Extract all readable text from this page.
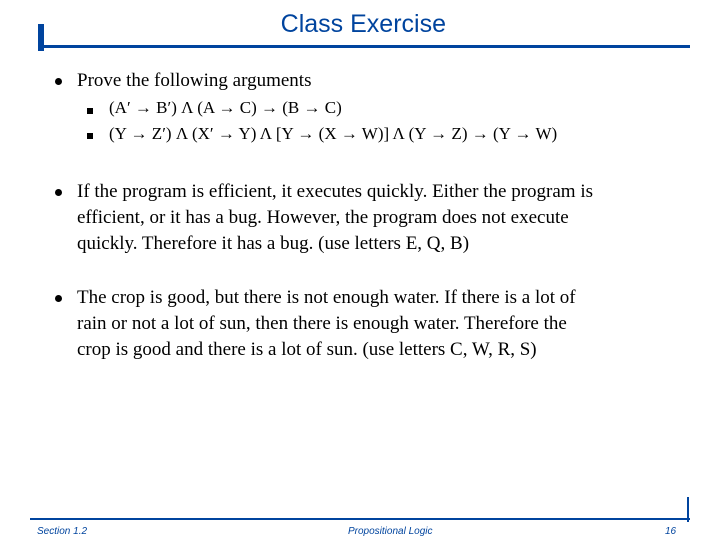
Class Exercise
Prove the following arguments
(A′ → B′) Λ (A → C) → (B → C)
(Y → Z′) Λ (X′ → Y) Λ [Y → (X → W)] Λ (Y → Z) → (Y → W)
If the program is efficient, it executes quickly. Either the program is
efficient, or it has a bug. However, the program does not execute
quickly. Therefore it has a bug. (use letters E, Q, B)
The crop is good, but there is not enough water. If there is a lot of
rain or not a lot of sun, then there is enough water. Therefore the
crop is good and there is a lot of sun. (use letters C, W, R, S)
Section 1.2	Propositional Logic	16
